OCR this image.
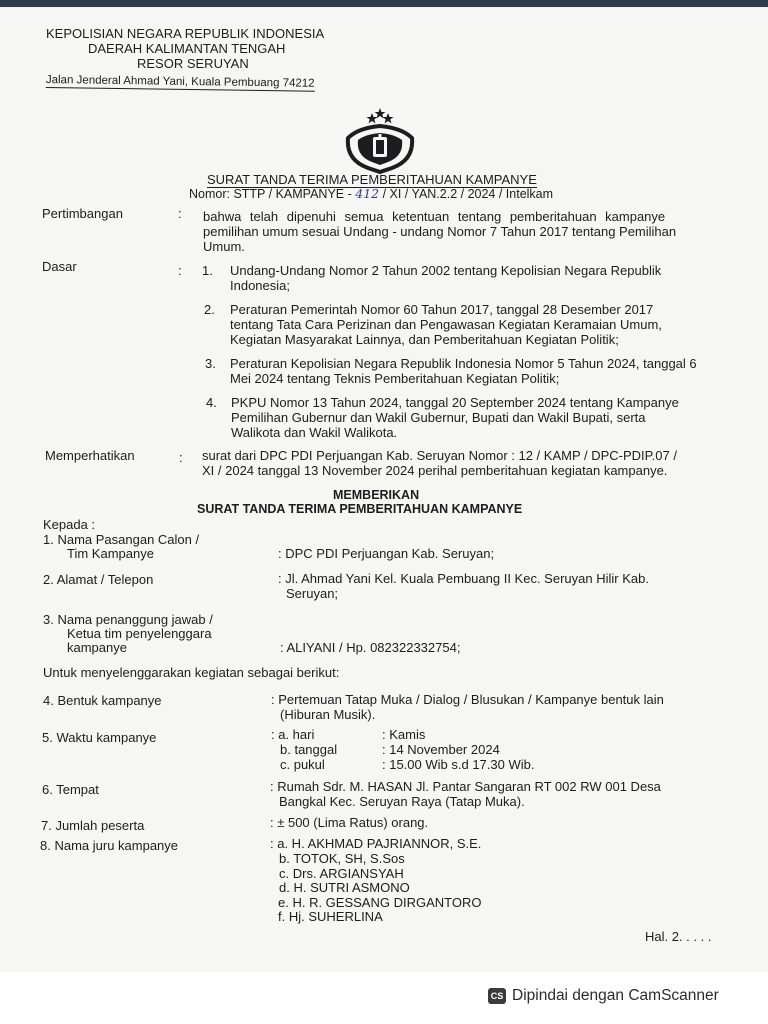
KEPOLISIAN NEGARA REPUBLIK INDONESIA
DAERAH KALIMANTAN TENGAH
RESOR SERUYAN
Jalan Jenderal Ahmad Yani, Kuala Pembuang 74212
SURAT TANDA TERIMA PEMBERITAHUAN KAMPANYE
Nomor: STTP / KAMPANYE - 412 / XI / YAN.2.2 / 2024 / Intelkam
Pertimbangan	: bahwa telah dipenuhi semua ketentuan tentang pemberitahuan kampanye
pemilihan umum sesuai Undang - undang Nomor 7 Tahun 2017 tentang Pemilihan
Umum.
Dasar	: 1. Undang-Undang Nomor 2 Tahun 2002 tentang Kepolisian Negara Republik
Indonesia;
2. Peraturan Pemerintah Nomor 60 Tahun 2017, tanggal 28 Desember 2017
tentang Tata Cara Perizinan dan Pengawasan Kegiatan Keramaian Umum,
Kegiatan Masyarakat Lainnya, dan Pemberitahuan Kegiatan Politik;
3. Peraturan Kepolisian Negara Republik Indonesia Nomor 5 Tahun 2024, tanggal 6
Mei 2024 tentang Teknis Pemberitahuan Kegiatan Politik;
4. PKPU Nomor 13 Tahun 2024, tanggal 20 September 2024 tentang Kampanye
Pemilihan Gubernur dan Wakil Gubernur, Bupati dan Wakil Bupati, serta
Walikota dan Wakil Walikota.
Memperhatikan	: surat dari DPC PDI Perjuangan Kab. Seruyan Nomor : 12 / KAMP / DPC-PDIP.07 /
XI / 2024 tanggal 13 November 2024 perihal pemberitahuan kegiatan kampanye.
MEMBERIKAN
SURAT TANDA TERIMA PEMBERITAHUAN KAMPANYE
Kepada :
1. Nama Pasangan Calon /
Tim Kampanye	: DPC PDI Perjuangan Kab. Seruyan;
2. Alamat / Telepon	: Jl. Ahmad Yani Kel. Kuala Pembuang II Kec. Seruyan Hilir Kab.
Seruyan;
3. Nama penanggung jawab /
Ketua tim penyelenggara
kampanye	: ALIYANI / Hp. 082322332754;
Untuk menyelenggarakan kegiatan sebagai berikut:
4. Bentuk kampanye	: Pertemuan Tatap Muka / Dialog / Blusukan / Kampanye bentuk lain
(Hiburan Musik).
5. Waktu kampanye	: a. hari	: Kamis
b. tanggal	: 14 November 2024
c. pukul	: 15.00 Wib s.d 17.30 Wib.
6. Tempat	: Rumah Sdr. M. HASAN Jl. Pantar Sangaran RT 002 RW 001 Desa
Bangkal Kec. Seruyan Raya (Tatap Muka).
7. Jumlah peserta	: ± 500 (Lima Ratus) orang.
8. Nama juru kampanye	: a. H. AKHMAD PAJRIANNOR, S.E.
b. TOTOK, SH, S.Sos
c. Drs. ARGIANSYAH
d. H. SUTRI ASMONO
e. H. R. GESSANG DIRGANTORO
f. Hj. SUHERLINA
Hal. 2. . . . .
CS Dipindai dengan CamScanner
